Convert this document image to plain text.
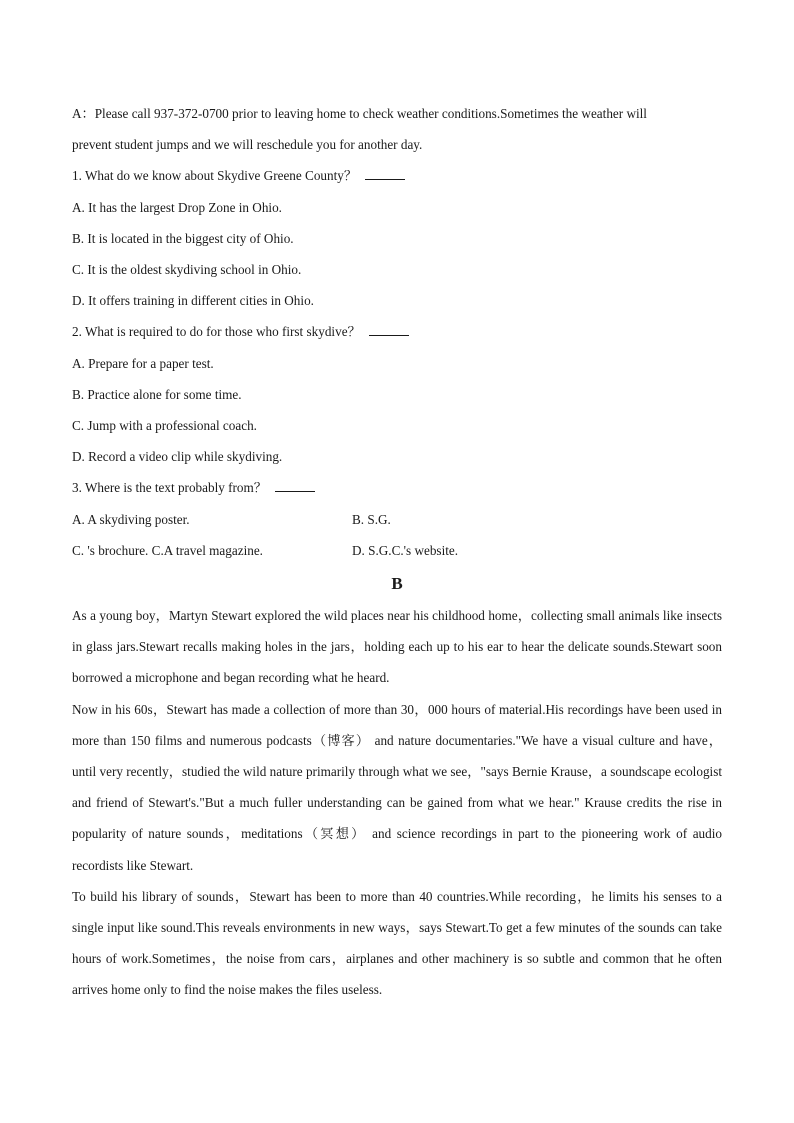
A：Please call 937-372-0700 prior to leaving home to check weather conditions.Sometimes the weather will

prevent student jumps and we will reschedule you for another day.

1. What do we know about Skydive Greene County？

A. It has the largest Drop Zone in Ohio.

B. It is located in the biggest city of Ohio.

C. It is the oldest skydiving school in Ohio.

D. It offers training in different cities in Ohio.

2. What is required to do for those who first skydive？

A. Prepare for a paper test.

B. Practice alone for some time.

C. Jump with a professional coach.

D. Record a video clip while skydiving.

3. Where is the text probably from？

A. A skydiving poster.	B. S.G.
C. 's brochure. C.A travel magazine.	D. S.G.C.'s website.

B

As a young boy，Martyn Stewart explored the wild places near his childhood home，collecting small animals like insects in glass jars.Stewart recalls making holes in the jars，holding each up to his ear to hear the delicate sounds.Stewart soon borrowed a microphone and began recording what he heard.

Now in his 60s，Stewart has made a collection of more than 30，000 hours of material.His recordings have been used in more than 150 films and numerous podcasts（博客） and nature documentaries."We have a visual culture and have，until very recently，studied the wild nature primarily through what we see，"says Bernie Krause，a soundscape ecologist and friend of Stewart's."But a much fuller understanding can be gained from what we hear." Krause credits the rise in popularity of nature sounds，meditations（冥想） and science recordings in part to the pioneering work of audio recordists like Stewart.

To build his library of sounds，Stewart has been to more than 40 countries.While recording，he limits his senses to a single input like sound.This reveals environments in new ways，says Stewart.To get a few minutes of the sounds can take hours of work.Sometimes，the noise from cars，airplanes and other machinery is so subtle and common that he often arrives home only to find the noise makes the files useless.
